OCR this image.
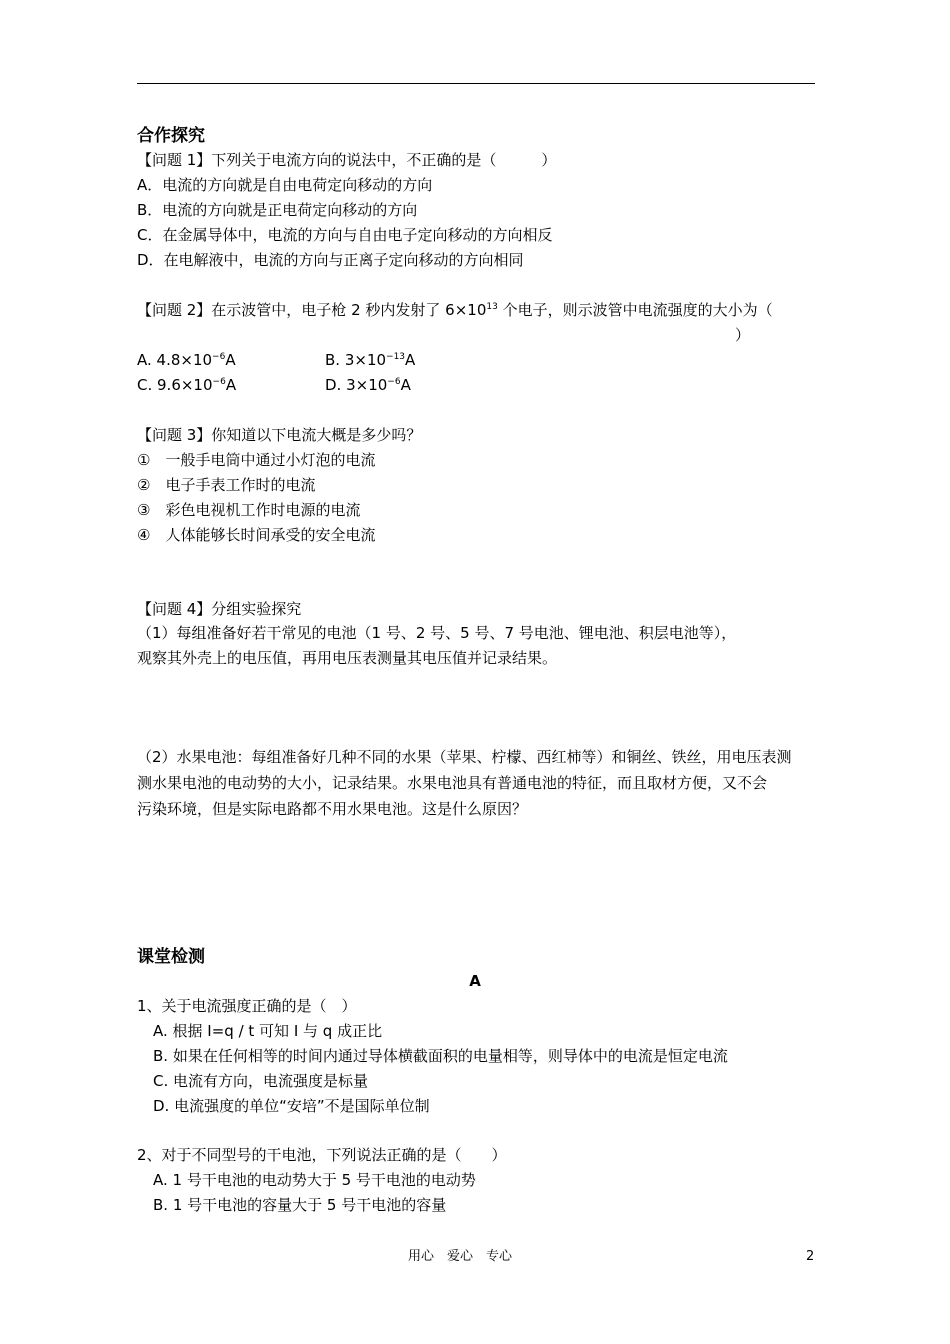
合作探究
【问题 1】下列关于电流方向的说法中，不正确的是（　　　）
A．电流的方向就是自由电荷定向移动的方向
B．电流的方向就是正电荷定向移动的方向
C．在金属导体中，电流的方向与自由电子定向移动的方向相反
D．在电解液中，电流的方向与正离子定向移动的方向相同
【问题 2】在示波管中，电子枪 2 秒内发射了 $6\times 10^{13}$ 个电子，则示波管中电流强度的大小为（
）
A. $4.8\times 10^{-6}A$	B. $3\times 10^{-13}A$
C. $9.6\times 10^{-6}A$	D. $3\times 10^{-6}A$
【问题 3】你知道以下电流大概是多少吗？
①　一般手电筒中通过小灯泡的电流
②　电子手表工作时的电流
③　彩色电视机工作时电源的电流
④　人体能够长时间承受的安全电流
【问题 4】分组实验探究
（1）每组准备好若干常见的电池（1 号、2 号、5 号、7 号电池、锂电池、积层电池等），
观察其外壳上的电压值，再用电压表测量其电压值并记录结果。
（2）水果电池：每组准备好几种不同的水果（苹果、柠檬、西红柿等）和铜丝、铁丝，用电压表测
测水果电池的电动势的大小，记录结果。水果电池具有普通电池的特征，而且取材方便，又不会
污染环境，但是实际电路都不用水果电池。这是什么原因？
课堂检测
A
1、关于电流强度正确的是（　）
A. 根据 I=q / t 可知 I 与 q 成正比
B. 如果在任何相等的时间内通过导体横截面积的电量相等，则导体中的电流是恒定电流
C. 电流有方向，电流强度是标量
D. 电流强度的单位“安培”不是国际单位制
2、对于不同型号的干电池，下列说法正确的是（　　）
A. 1 号干电池的电动势大于 5 号干电池的电动势
B. 1 号干电池的容量大于 5 号干电池的容量
用心　爱心　专心	2
